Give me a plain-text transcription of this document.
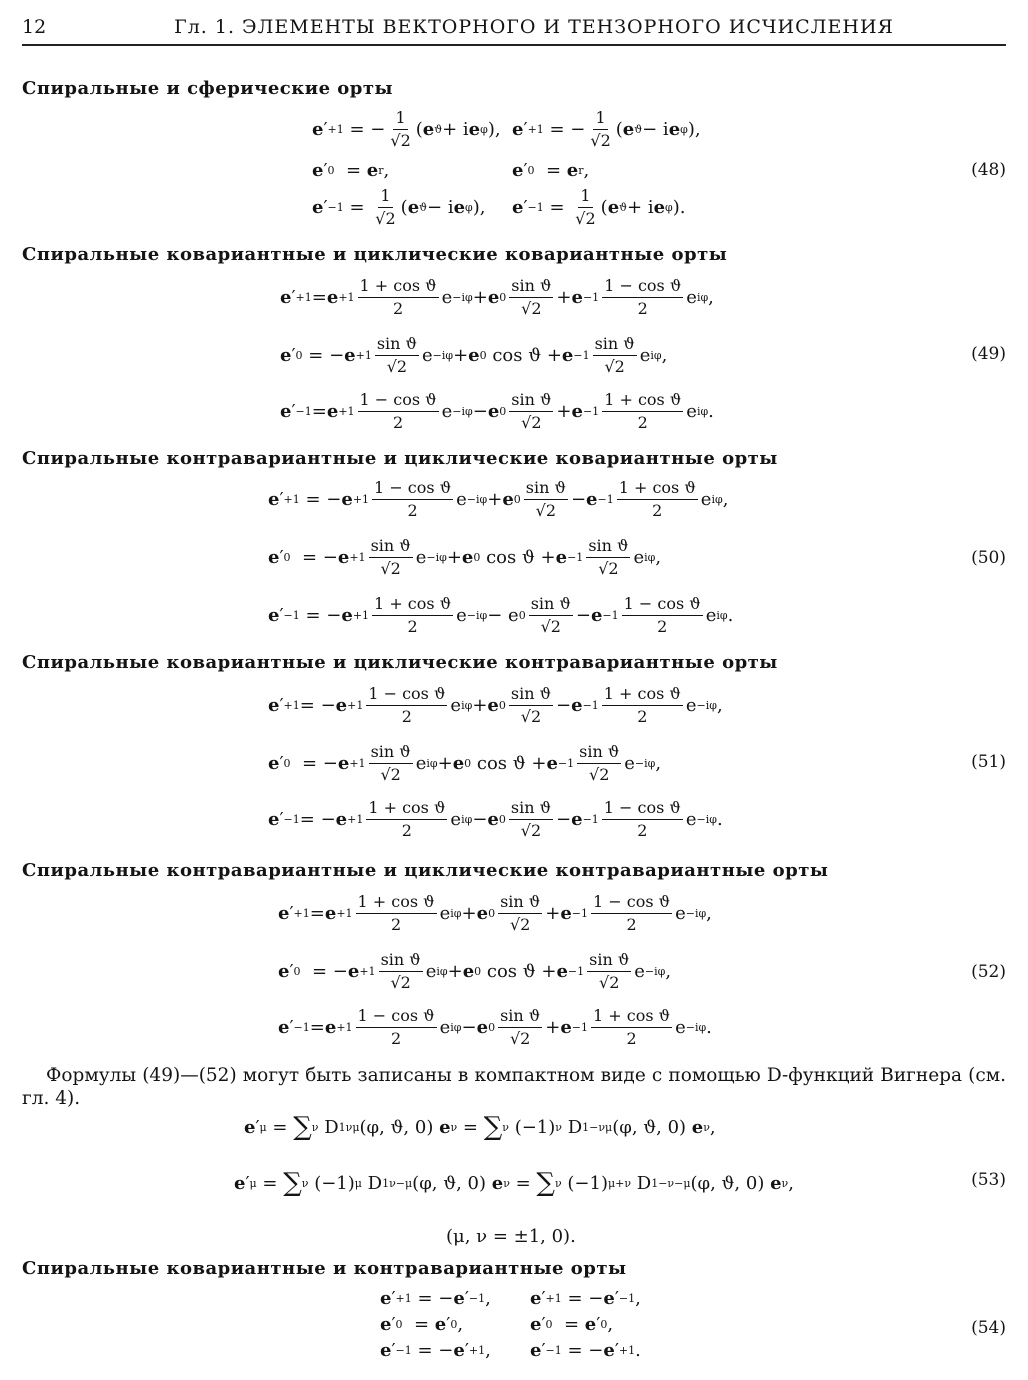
12	Гл. 1. ЭЛЕМЕНТЫ ВЕКТОРНОГО И ТЕНЗОРНОГО ИСЧИСЛЕНИЯ
Спиральные и сферические орты
e ′ +1 = − $\frac{1}{√2}$ ( e ϑ + i e φ ), e ′ +1 = − $\frac{1}{√2}$ ( e ϑ − i e φ ),
e ′ 0 = e r ,	e ′ 0 = e r ,	(48)
e ′ $-1 = \frac{1}{√2}$ ( e ϑ − i e φ ), e ′ $-1 = \frac{1}{√2}$ ( e ϑ + i e φ ).
Спиральные ковариантные и циклические ковариантные орты
e ′ $+1 = e +1 \frac{\text{1 + cos ϑ}}{2}$ e −iφ + e $0 \frac{\text{sin ϑ}}{√2} + e -1 \frac{\text{1 − cos ϑ}}{2}$ e iφ ,
e ′ 0 = − $e +1 \frac{\text{sin ϑ}}{√2}$ e −iφ + e 0 $\cos ϑ + e -1 \frac{\text{sin ϑ}}{√2}$ e iφ ,	(49)
e ′ $-1 = e +1 \frac{\text{1 − cos ϑ}}{2}$ e −iφ − e $0 \frac{\text{sin ϑ}}{√2} + e -1 \frac{\text{1 + cos ϑ}}{2}$ e iφ .
Спиральные контравариантные и циклические ковариантные орты
e ′ +1 = − $e +1 \frac{\text{1 − cos ϑ}}{2}$ e −iφ + e $0 \frac{\text{sin ϑ}}{√2} - e -1 \frac{\text{1 + cos ϑ}}{2}$ e iφ ,
e ′ 0 = − $e +1 \frac{\text{sin ϑ}}{√2}$ e −iφ + e 0 $\cos ϑ + e -1 \frac{\text{sin ϑ}}{√2}$ e iφ ,	(50)
e ′ −1 = − $e +1 \frac{\text{1 + cos ϑ}}{2}$ e −iφ − e $0 \frac{\text{sin ϑ}}{√2} - e -1 \frac{\text{1 − cos ϑ}}{2}$ e iφ .
Спиральные ковариантные и циклические контравариантные орты
e ′ +1 = − $e +1 \frac{\text{1 − cos ϑ}}{2}$ e iφ + e $0 \frac{\text{sin ϑ}}{√2} - e -1 \frac{\text{1 + cos ϑ}}{2}$ e −iφ ,
e ′ 0 = − $e +1 \frac{\text{sin ϑ}}{√2}$ e iφ + e 0 $\cos ϑ + e -1 \frac{\text{sin ϑ}}{√2}$ e −iφ ,	(51)
e ′ −1 = − $e +1 \frac{\text{1 + cos ϑ}}{2}$ e iφ − e $0 \frac{\text{sin ϑ}}{√2} - e -1 \frac{\text{1 − cos ϑ}}{2}$ e −iφ .
Спиральные контравариантные и циклические контравариантные орты
e ′ $+1 = e +1 \frac{\text{1 + cos ϑ}}{2}$ e iφ + e $0 \frac{\text{sin ϑ}}{√2} + e -1 \frac{\text{1 − cos ϑ}}{2}$ e −iφ ,
e ′ 0 = − $e +1 \frac{\text{sin ϑ}}{√2}$ e iφ + e 0 $\cos ϑ + e -1 \frac{\text{sin ϑ}}{√2}$ e −iφ ,	(52)
e ′ $-1 = e +1 \frac{\text{1 − cos ϑ}}{2}$ e iφ − e $0 \frac{\text{sin ϑ}}{√2} + e -1 \frac{\text{1 + cos ϑ}}{2}$ e −iφ .
Формулы (49)—(52) могут быть записаны в компактном виде с помощью D-функций Вигнера (см. гл. 4).
e ′ μ = ∑ ν D 1 νμ (φ, ϑ, 0) e ν = ∑ ν (−1) ν D 1 −νμ (φ, ϑ, 0) e ν ,
e ′ μ = ∑ ν (−1) μ D 1 ν−μ (φ, ϑ, 0) e ν = ∑ ν (−1) μ+ν D 1 −ν−μ (φ, ϑ, 0) e ν ,	(53)
(μ, ν = ±1, 0).
Спиральные ковариантные и контравариантные орты
e ′ +1 = − e ′ −1 , e ′ +1 = − e ′ −1 ,
e ′ 0 = e ′ 0 ,	e ′ 0 = e ′ 0 ,	(54)
e ′ −1 = − e ′ +1 , e ′ −1 = − e ′ +1 .
